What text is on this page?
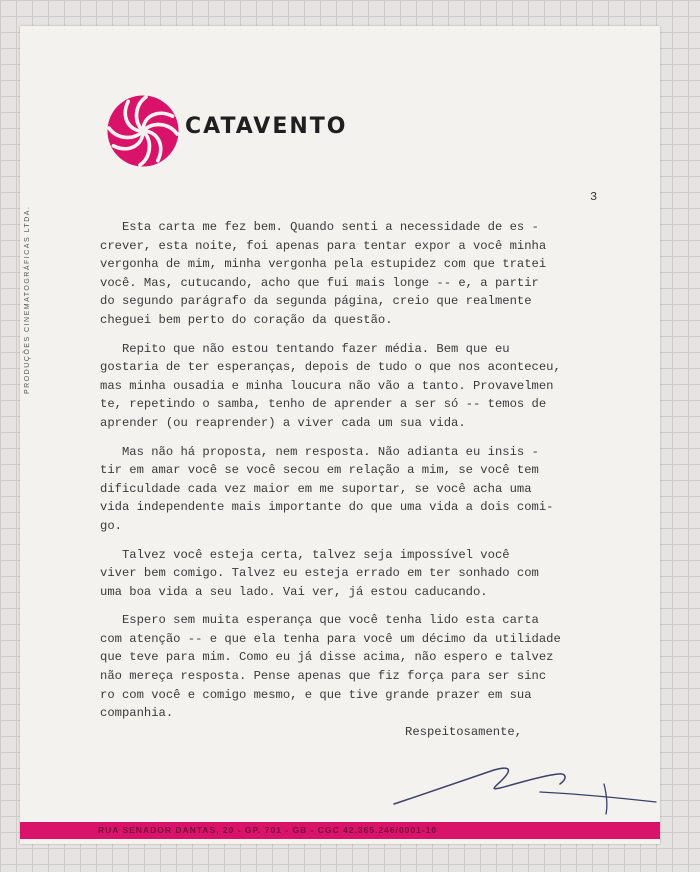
PRODUÇÕES CINEMATOGRÁFICAS LTDA.
CATAVENTO
3

Esta carta me fez bem. Quando senti a necessidade de es -
crever, esta noite, foi apenas para tentar expor a você minha
vergonha de mim, minha vergonha pela estupidez com que tratei
você. Mas, cutucando, acho que fui mais longe -- e, a partir
do segundo parágrafo da segunda página, creio que realmente
cheguei bem perto do coração da questão.

Repito que não estou tentando fazer média. Bem que eu
gostaria de ter esperanças, depois de tudo o que nos aconteceu,
mas minha ousadia e minha loucura não vão a tanto. Provavelmen
te, repetindo o samba, tenho de aprender a ser só -- temos de
aprender (ou reaprender) a viver cada um sua vida.

Mas não há proposta, nem resposta. Não adianta eu insis -
tir em amar você se você secou em relação a mim, se você tem
dificuldade cada vez maior em me suportar, se você acha uma
vida independente mais importante do que uma vida a dois comi-
go.

Talvez você esteja certa, talvez seja impossível você
viver bem comigo. Talvez eu esteja errado em ter sonhado com
uma boa vida a seu lado. Vai ver, já estou caducando.

Espero sem muita esperança que você tenha lido esta carta
com atenção -- e que ela tenha para você um décimo da utilidade
que teve para mim. Como eu já disse acima, não espero e talvez
não mereça resposta. Pense apenas que fiz força para ser sinc
ro com você e comigo mesmo, e que tive grande prazer em sua
companhia.

Respeitosamente,
RUA SENADOR DANTAS, 20 - GP. 701 - GB - CGC 42.365.246/0001-10
